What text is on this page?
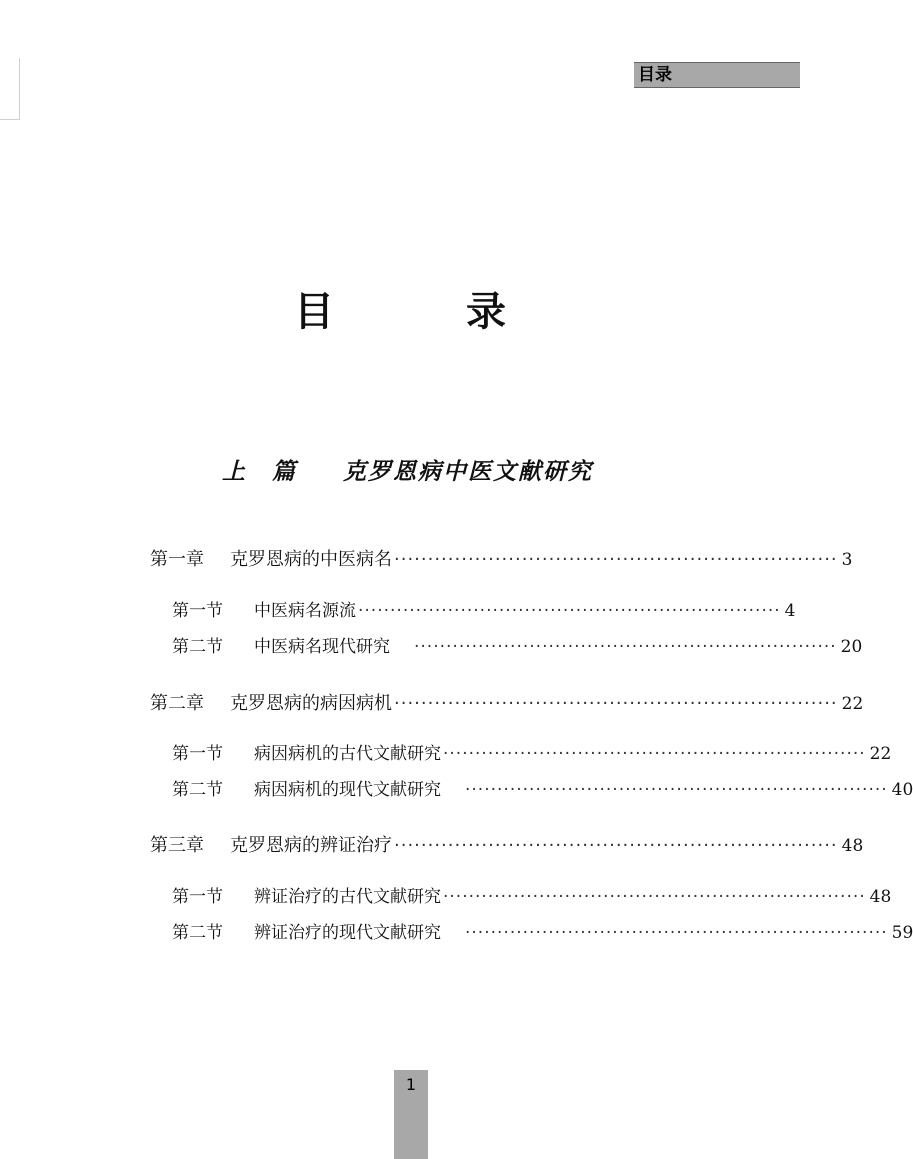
目录
目　录
上　篇 克罗恩病中医文献研究
第一章	克罗恩病的中医病名 ·································································· 3
第一节	中医病名源流 ·································································· 4
第二节	中医病名现代研究 ·································································· 20
第二章	克罗恩病的病因病机 ·································································· 22
第一节	病因病机的古代文献研究 ·································································· 22
第二节	病因病机的现代文献研究 ·································································· 40
第三章	克罗恩病的辨证治疗 ·································································· 48
第一节	辨证治疗的古代文献研究 ·································································· 48
第二节	辨证治疗的现代文献研究 ·································································· 59
1
